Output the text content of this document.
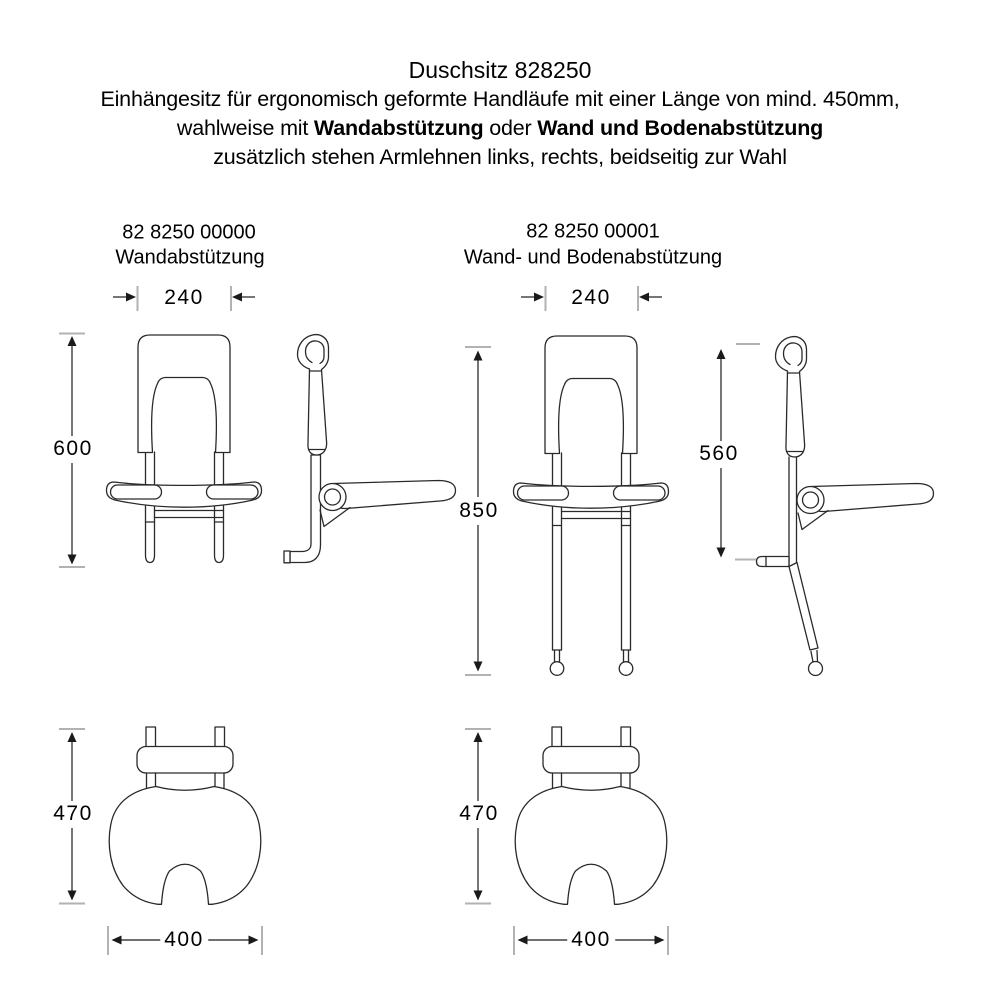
Duschsitz 828250
Einhängesitz für ergonomisch geformte Handläufe mit einer Länge von mind. 450mm,
wahlweise mit Wandabstützung oder Wand und Bodenabstützung
zusätzlich stehen Armlehnen links, rechts, beidseitig zur Wahl
82 8250 00000
Wandabstützung
82 8250 00001
Wand- und Bodenabstützung
240
600
240
850
560
470
400
470
400
